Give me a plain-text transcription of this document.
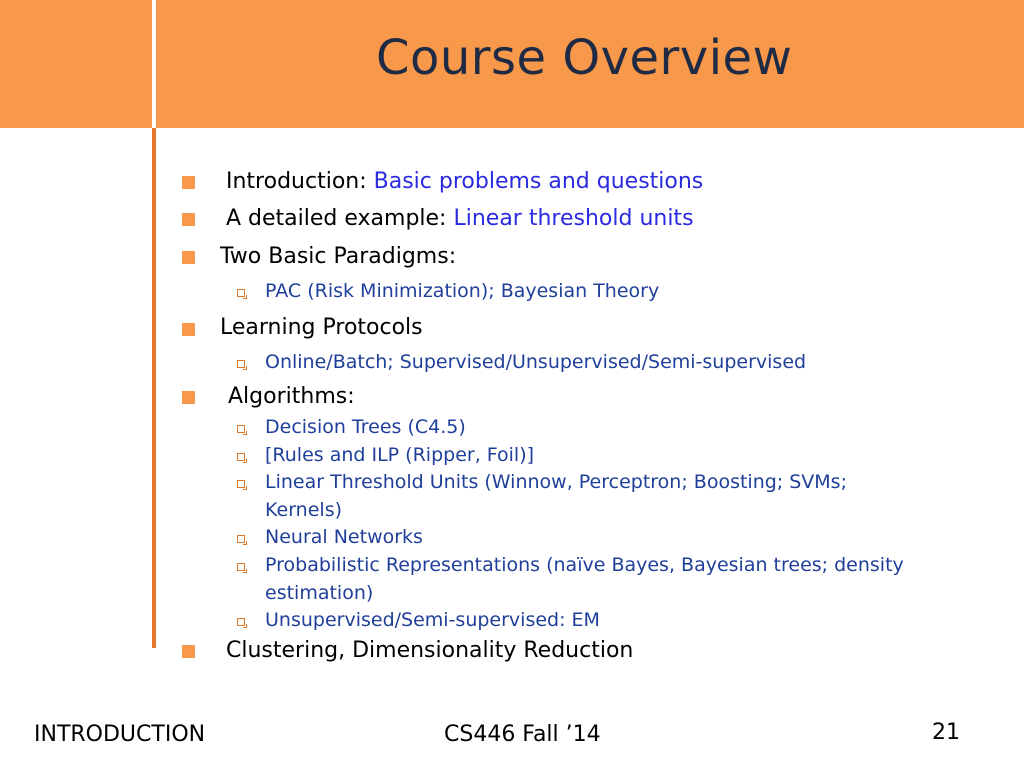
Course Overview
Introduction: Basic problems and questions
A detailed example: Linear threshold units
Two Basic Paradigms:
PAC (Risk Minimization); Bayesian Theory
Learning Protocols
Online/Batch; Supervised/Unsupervised/Semi-supervised
Algorithms:
Decision Trees (C4.5)
[Rules and ILP (Ripper, Foil)]
Linear Threshold Units (Winnow, Perceptron; Boosting; SVMs;
Kernels)
Neural Networks
Probabilistic Representations (naïve Bayes, Bayesian trees; density
estimation)
Unsupervised/Semi-supervised: EM
Clustering, Dimensionality Reduction
INTRODUCTION	CS446 Fall ’14	21
